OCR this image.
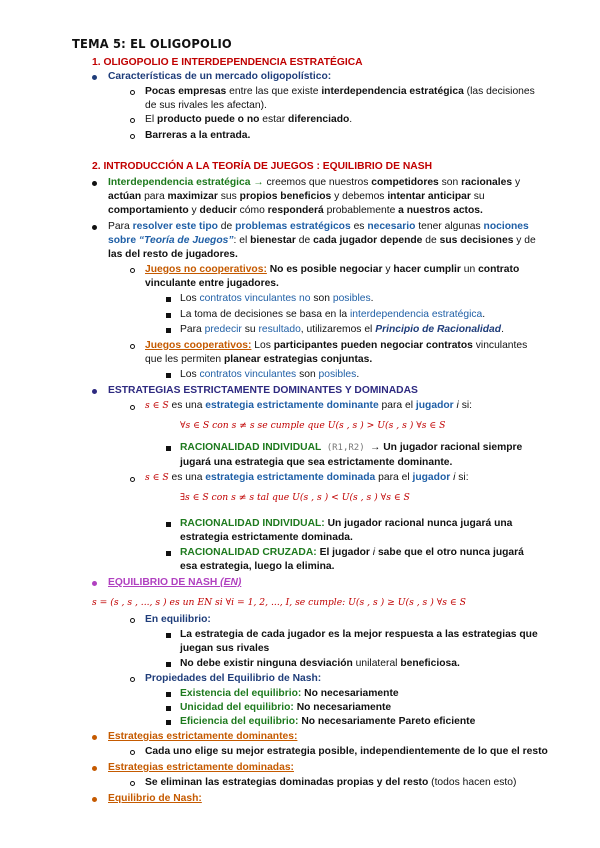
TEMA 5: EL OLIGOPOLIO
1. OLIGOPOLIO E INTERDEPENDENCIA ESTRATÉGICA
Características de un mercado oligopolístico:
Pocas empresas entre las que existe interdependencia estratégica (las decisiones
de sus rivales les afectan).
El producto puede o no estar diferenciado.
Barreras a la entrada.
2. INTRODUCCIÓN A LA TEORÍA DE JUEGOS : EQUILIBRIO DE NASH
Interdependencia estratégica → creemos que nuestros competidores son racionales y
actúan para maximizar sus propios beneficios y debemos intentar anticipar su
comportamiento y deducir cómo responderá probablemente a nuestros actos.
Para resolver este tipo de problemas estratégicos es necesario tener algunas nociones
sobre “Teoría de Juegos”: el bienestar de cada jugador depende de sus decisiones y de
las del resto de jugadores.
Juegos no cooperativos: No es posible negociar y hacer cumplir un contrato
vinculante entre jugadores.
Los contratos vinculantes no son posibles.
La toma de decisiones se basa en la interdependencia estratégica.
Para predecir su resultado, utilizaremos el Principio de Racionalidad.
Juegos cooperativos: Los participantes pueden negociar contratos vinculantes
que les permiten planear estrategias conjuntas.
Los contratos vinculantes son posibles.
ESTRATEGIAS ESTRICTAMENTE DOMINANTES Y DOMINADAS
s ∈ S es una estrategia estrictamente dominante para el jugador i si:
∀s ∈ S con s ≠ s se cumple que U(s , s ) > U(s , s ) ∀s ∈ S
RACIONALIDAD INDIVIDUAL (R1,R2) → Un jugador racional siempre
jugará una estrategia que sea estrictamente dominante.
s ∈ S es una estrategia estrictamente dominada para el jugador i si:
∃s ∈ S con s ≠ s tal que U(s , s ) < U(s , s ) ∀s ∈ S
RACIONALIDAD INDIVIDUAL: Un jugador racional nunca jugará una
estrategia estrictamente dominada.
RACIONALIDAD CRUZADA: El jugador i sabe que el otro nunca jugará
esa estrategia, luego la elimina.
EQUILIBRIO DE NASH (EN)
s = (s , s , ..., s ) es un EN si ∀i = 1, 2, ..., I, se cumple: U(s , s ) ≥ U(s , s ) ∀s ∈ S
En equilibrio:
La estrategia de cada jugador es la mejor respuesta a las estrategias que
juegan sus rivales
No debe existir ninguna desviación unilateral beneficiosa.
Propiedades del Equilibrio de Nash:
Existencia del equilibrio: No necesariamente
Unicidad del equilibrio: No necesariamente
Eficiencia del equilibrio: No necesariamente Pareto eficiente
Estrategias estrictamente dominantes:
Cada uno elige su mejor estrategia posible, independientemente de lo que el resto
Estrategias estrictamente dominadas:
Se eliminan las estrategias dominadas propias y del resto (todos hacen esto)
Equilibrio de Nash:
